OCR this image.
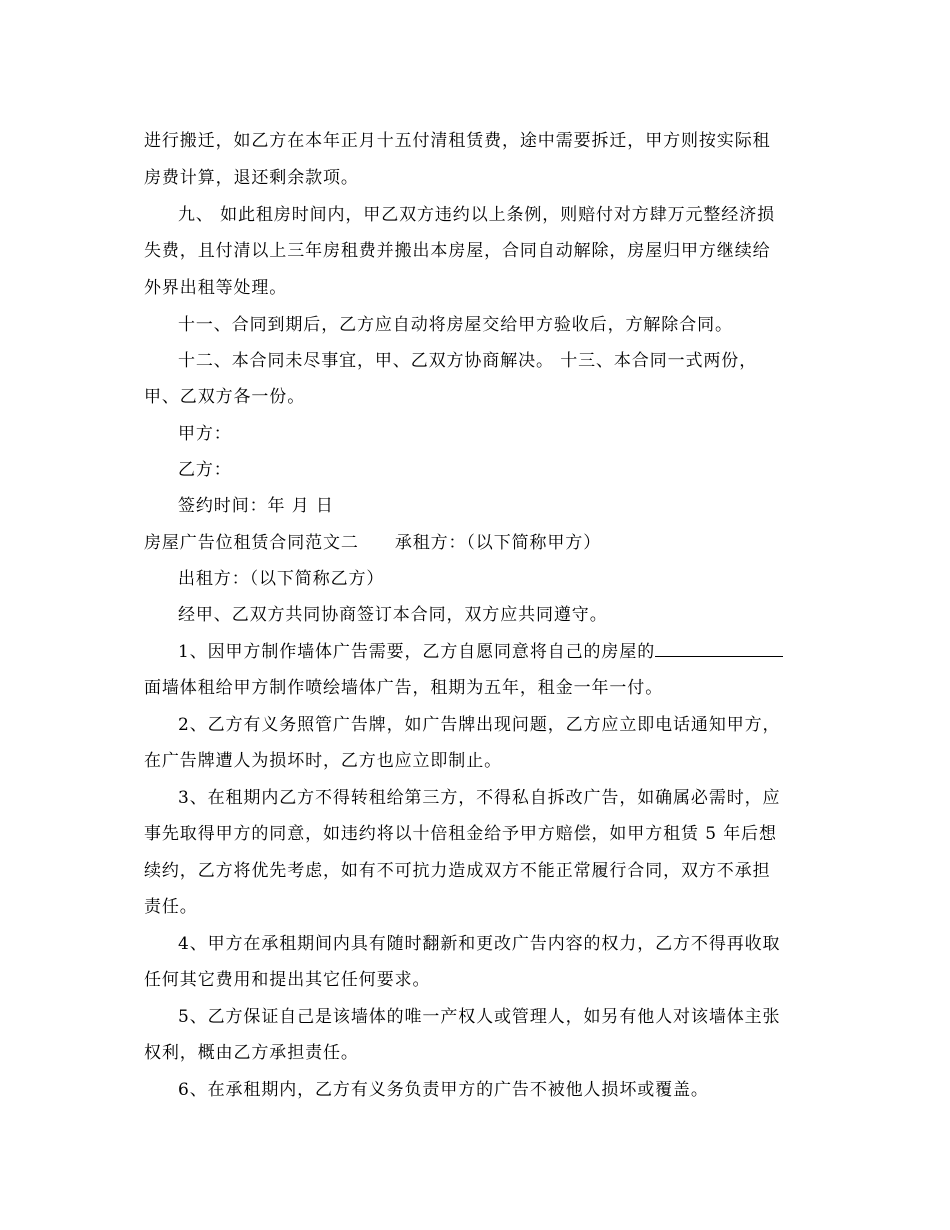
进行搬迁，如乙方在本年正月十五付清租赁费，途中需要拆迁，甲方则按实际租
房费计算，退还剩余款项。
九、 如此租房时间内，甲乙双方违约以上条例，则赔付对方肆万元整经济损
失费，且付清以上三年房租费并搬出本房屋，合同自动解除，房屋归甲方继续给
外界出租等处理。
十一、合同到期后，乙方应自动将房屋交给甲方验收后，方解除合同。
十二、本合同未尽事宜，甲、乙双方协商解决。 十三、本合同一式两份，
甲、乙双方各一份。
甲方：
乙方：
签约时间：年 月 日
房屋广告位租赁合同范文二 承租方：（以下简称甲方）
出租方：（以下简称乙方）
经甲、乙双方共同协商签订本合同，双方应共同遵守。
1、因甲方制作墙体广告需要，乙方自愿同意将自己的房屋的
面墙体租给甲方制作喷绘墙体广告，租期为五年，租金一年一付。
2、乙方有义务照管广告牌，如广告牌出现问题，乙方应立即电话通知甲方，
在广告牌遭人为损坏时，乙方也应立即制止。
3、在租期内乙方不得转租给第三方，不得私自拆改广告，如确属必需时，应
事先取得甲方的同意，如违约将以十倍租金给予甲方赔偿，如甲方租赁 5 年后想
续约，乙方将优先考虑，如有不可抗力造成双方不能正常履行合同，双方不承担
责任。
4、甲方在承租期间内具有随时翻新和更改广告内容的权力，乙方不得再收取
任何其它费用和提出其它任何要求。
5、乙方保证自己是该墙体的唯一产权人或管理人，如另有他人对该墙体主张
权利，概由乙方承担责任。
6、在承租期内，乙方有义务负责甲方的广告不被他人损坏或覆盖。
